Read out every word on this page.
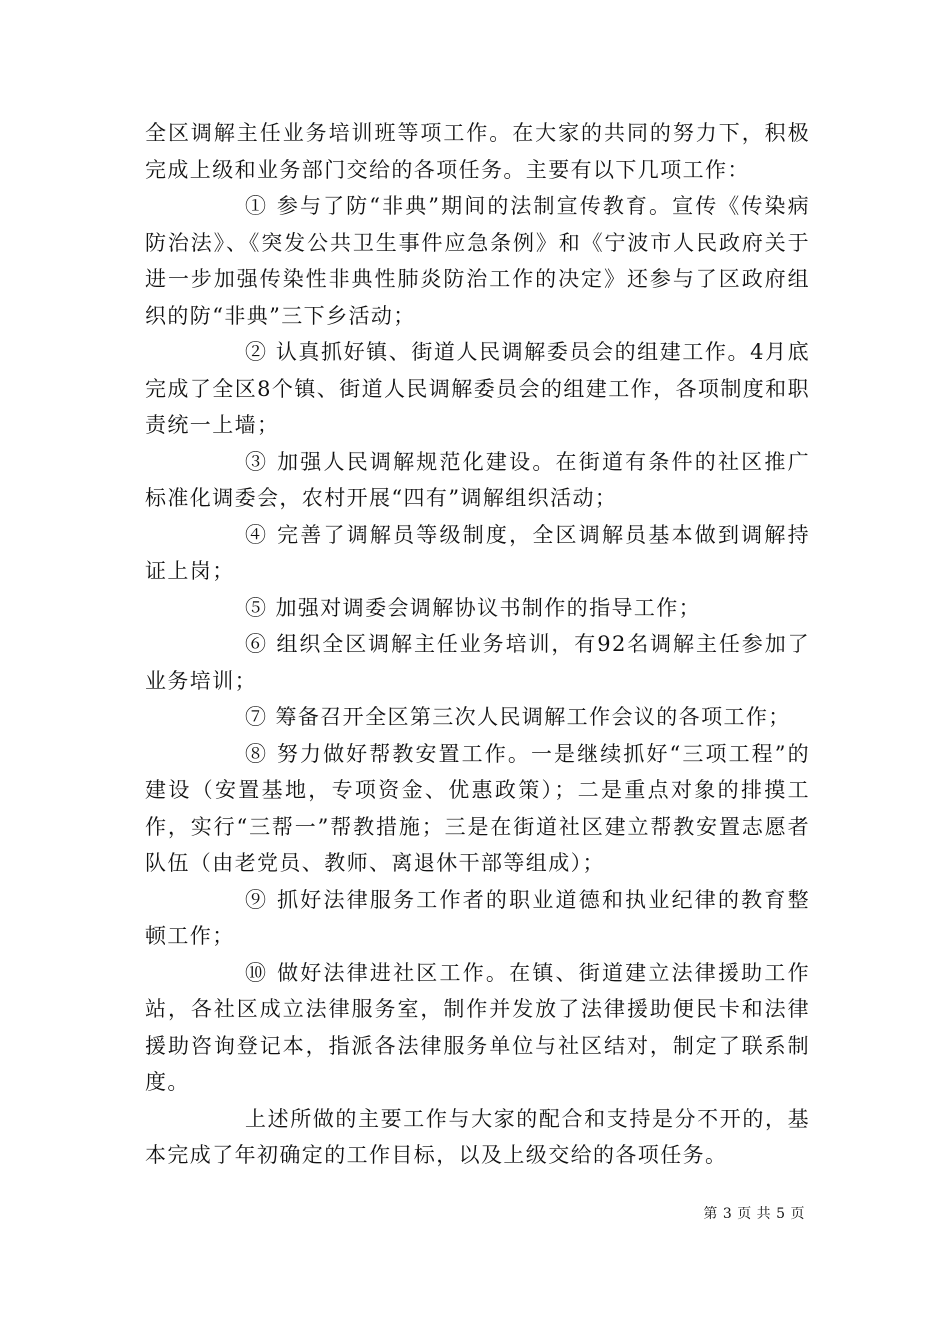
全区调解主任业务培训班等项工作。在大家的共同的努力下，积极完成上级和业务部门交给的各项任务。主要有以下几项工作：

① 参与了防“非典”期间的法制宣传教育。宣传《传染病防治法》、《突发公共卫生事件应急条例》和《宁波市人民政府关于进一步加强传染性非典性肺炎防治工作的决定》还参与了区政府组织的防“非典”三下乡活动；

② 认真抓好镇、街道人民调解委员会的组建工作。4月底完成了全区8个镇、街道人民调解委员会的组建工作，各项制度和职责统一上墙；

③ 加强人民调解规范化建设。在街道有条件的社区推广标准化调委会，农村开展“四有”调解组织活动；

④ 完善了调解员等级制度，全区调解员基本做到调解持证上岗；

⑤ 加强对调委会调解协议书制作的指导工作；

⑥ 组织全区调解主任业务培训，有92名调解主任参加了业务培训；

⑦ 筹备召开全区第三次人民调解工作会议的各项工作；

⑧ 努力做好帮教安置工作。一是继续抓好“三项工程”的建设（安置基地，专项资金、优惠政策）；二是重点对象的排摸工作，实行“三帮一”帮教措施；三是在街道社区建立帮教安置志愿者队伍（由老党员、教师、离退休干部等组成）；

⑨ 抓好法律服务工作者的职业道德和执业纪律的教育整顿工作；

⑩ 做好法律进社区工作。在镇、街道建立法律援助工作站，各社区成立法律服务室，制作并发放了法律援助便民卡和法律援助咨询登记本，指派各法律服务单位与社区结对，制定了联系制度。

上述所做的主要工作与大家的配合和支持是分不开的，基本完成了年初确定的工作目标，以及上级交给的各项任务。

第 3 页 共 5 页
